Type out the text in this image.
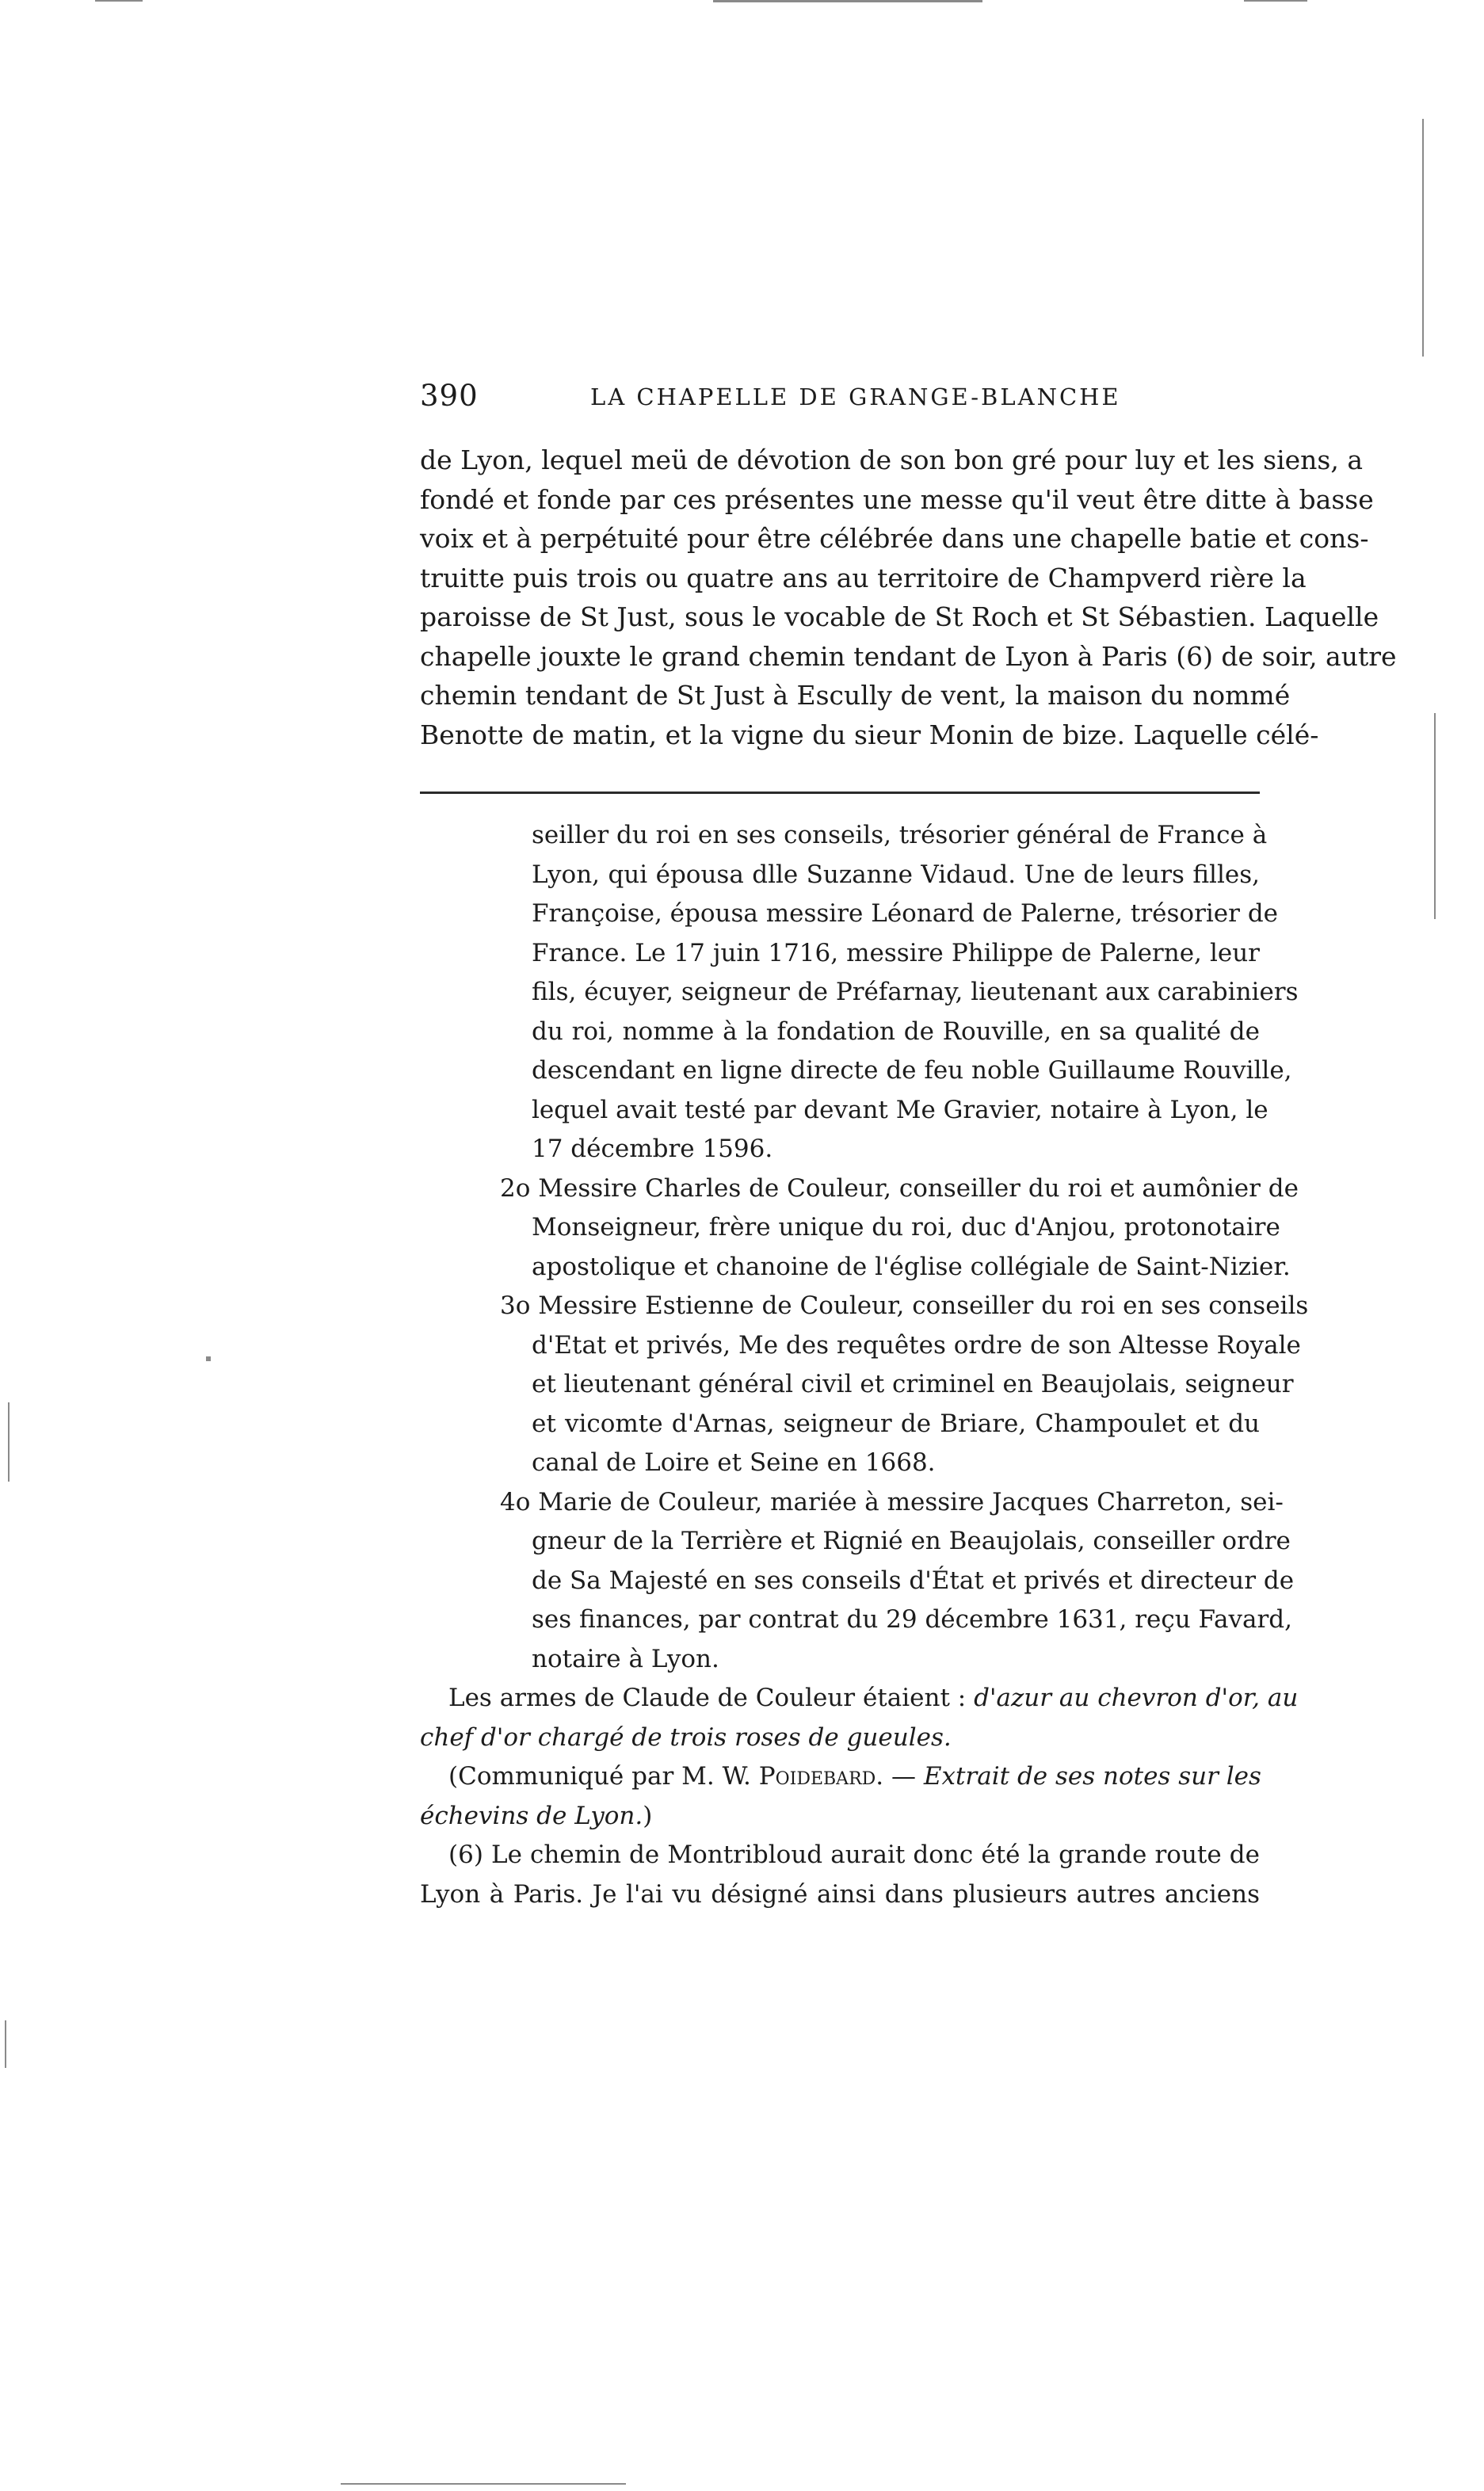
390	LA CHAPELLE DE GRANGE-BLANCHE
de Lyon, lequel meü de dévotion de son bon gré pour luy et les siens, a
fondé et fonde par ces présentes une messe qu'il veut être ditte à basse
voix et à perpétuité pour être célébrée dans une chapelle batie et cons-
truitte puis trois ou quatre ans au territoire de Champverd rière la
paroisse de St Just, sous le vocable de St Roch et St Sébastien. Laquelle
chapelle jouxte le grand chemin tendant de Lyon à Paris (6) de soir, autre
chemin tendant de St Just à Escully de vent, la maison du nommé
Benotte de matin, et la vigne du sieur Monin de bize. Laquelle célé-
seiller du roi en ses conseils, trésorier général de France à
Lyon, qui épousa dlle Suzanne Vidaud. Une de leurs filles,
Françoise, épousa messire Léonard de Palerne, trésorier de
France. Le 17 juin 1716, messire Philippe de Palerne, leur
fils, écuyer, seigneur de Préfarnay, lieutenant aux carabiniers
du roi, nomme à la fondation de Rouville, en sa qualité de
descendant en ligne directe de feu noble Guillaume Rouville,
lequel avait testé par devant Me Gravier, notaire à Lyon, le
17 décembre 1596.
2o Messire Charles de Couleur, conseiller du roi et aumônier de
Monseigneur, frère unique du roi, duc d'Anjou, protonotaire
apostolique et chanoine de l'église collégiale de Saint-Nizier.
3o Messire Estienne de Couleur, conseiller du roi en ses conseils
d'Etat et privés, Me des requêtes ordre de son Altesse Royale
et lieutenant général civil et criminel en Beaujolais, seigneur
et vicomte d'Arnas, seigneur de Briare, Champoulet et du
canal de Loire et Seine en 1668.
4o Marie de Couleur, mariée à messire Jacques Charreton, sei-
gneur de la Terrière et Rignié en Beaujolais, conseiller ordre
de Sa Majesté en ses conseils d'État et privés et directeur de
ses finances, par contrat du 29 décembre 1631, reçu Favard,
notaire à Lyon.
Les armes de Claude de Couleur étaient : d'azur au chevron d'or, au
chef d'or chargé de trois roses de gueules.
(Communiqué par M. W. Poidebard. — Extrait de ses notes sur les
échevins de Lyon.)
(6) Le chemin de Montribloud aurait donc été la grande route de
Lyon à Paris. Je l'ai vu désigné ainsi dans plusieurs autres anciens
